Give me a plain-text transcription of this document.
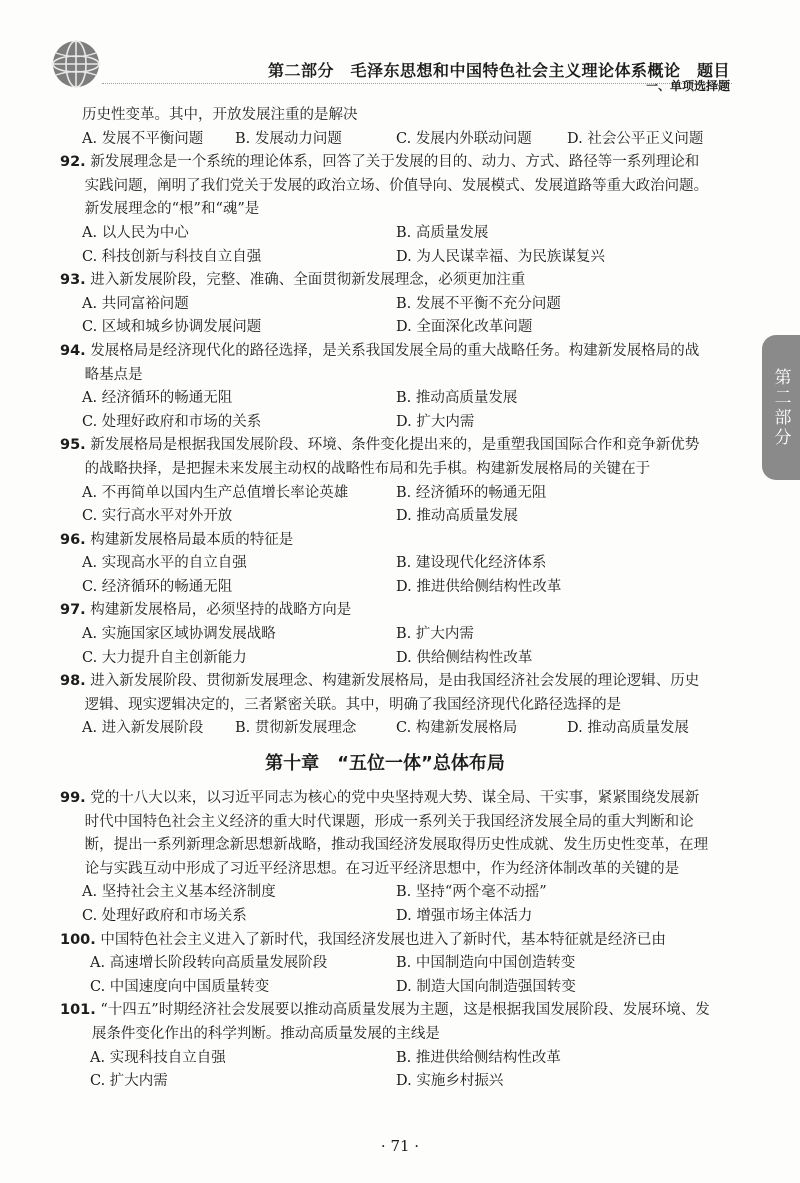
第二部分　毛泽东思想和中国特色社会主义理论体系概论　题目
一、单项选择题
第二部分
历史性变革。其中，开放发展注重的是解决
A. 发展不平衡问题 B. 发展动力问题	C. 发展内外联动问题 D. 社会公平正义问题
92. 新发展理念是一个系统的理论体系，回答了关于发展的目的、动力、方式、路径等一系列理论和实践问题，阐明了我们党关于发展的政治立场、价值导向、发展模式、发展道路等重大政治问题。新发展理念的“根”和“魂”是
A. 以人民为中心	B. 高质量发展
C. 科技创新与科技自立自强	D. 为人民谋幸福、为民族谋复兴
93. 进入新发展阶段，完整、准确、全面贯彻新发展理念，必须更加注重
A. 共同富裕问题	B. 发展不平衡不充分问题
C. 区域和城乡协调发展问题	D. 全面深化改革问题
94. 发展格局是经济现代化的路径选择，是关系我国发展全局的重大战略任务。构建新发展格局的战略基点是
A. 经济循环的畅通无阻	B. 推动高质量发展
C. 处理好政府和市场的关系	D. 扩大内需
95. 新发展格局是根据我国发展阶段、环境、条件变化提出来的，是重塑我国国际合作和竞争新优势的战略抉择，是把握未来发展主动权的战略性布局和先手棋。构建新发展格局的关键在于
A. 不再简单以国内生产总值增长率论英雄	B. 经济循环的畅通无阻
C. 实行高水平对外开放	D. 推动高质量发展
96. 构建新发展格局最本质的特征是
A. 实现高水平的自立自强	B. 建设现代化经济体系
C. 经济循环的畅通无阻	D. 推进供给侧结构性改革
97. 构建新发展格局，必须坚持的战略方向是
A. 实施国家区域协调发展战略	B. 扩大内需
C. 大力提升自主创新能力	D. 供给侧结构性改革
98. 进入新发展阶段、贯彻新发展理念、构建新发展格局，是由我国经济社会发展的理论逻辑、历史逻辑、现实逻辑决定的，三者紧密关联。其中，明确了我国经济现代化路径选择的是
A. 进入新发展阶段 B. 贯彻新发展理念	C. 构建新发展格局	D. 推动高质量发展
第十章　“五位一体”总体布局
99. 党的十八大以来，以习近平同志为核心的党中央坚持观大势、谋全局、干实事，紧紧围绕发展新时代中国特色社会主义经济的重大时代课题，形成一系列关于我国经济发展全局的重大判断和论断，提出一系列新理念新思想新战略，推动我国经济发展取得历史性成就、发生历史性变革，在理论与实践互动中形成了习近平经济思想。在习近平经济思想中，作为经济体制改革的关键的是
A. 坚持社会主义基本经济制度	B. 坚持“两个毫不动摇”
C. 处理好政府和市场关系	D. 增强市场主体活力
100. 中国特色社会主义进入了新时代，我国经济发展也进入了新时代，基本特征就是经济已由
A. 高速增长阶段转向高质量发展阶段	B. 中国制造向中国创造转变
C. 中国速度向中国质量转变	D. 制造大国向制造强国转变
101. “十四五”时期经济社会发展要以推动高质量发展为主题，这是根据我国发展阶段、发展环境、发展条件变化作出的科学判断。推动高质量发展的主线是
A. 实现科技自立自强	B. 推进供给侧结构性改革
C. 扩大内需	D. 实施乡村振兴
· 71 ·
